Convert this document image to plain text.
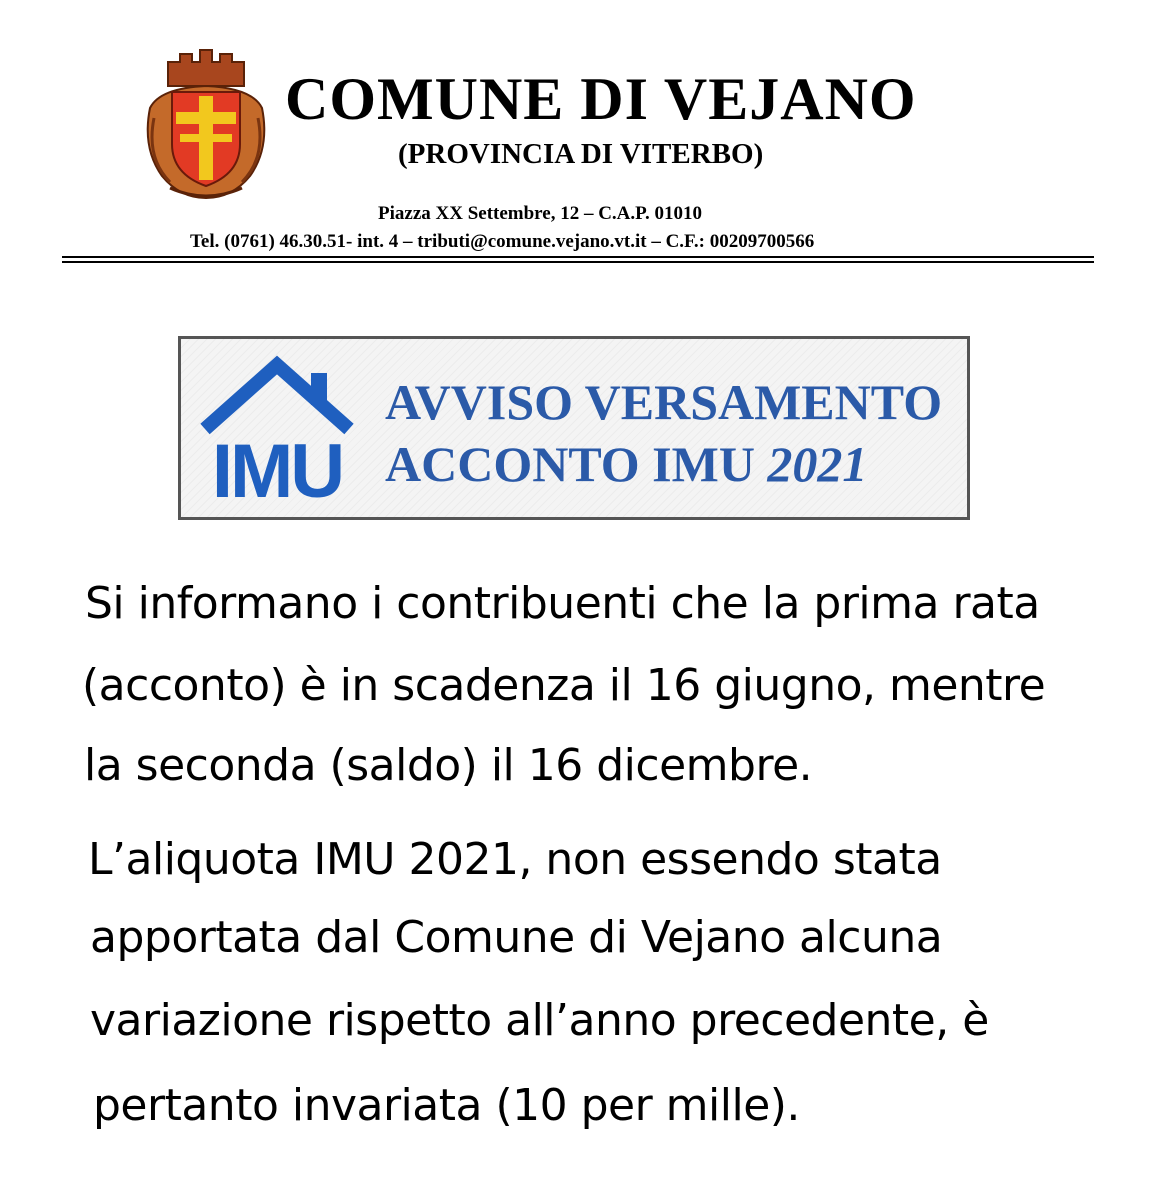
COMUNE DI VEJANO
(PROVINCIA DI VITERBO)
Piazza XX Settembre, 12 – C.A.P. 01010
Tel. (0761) 46.30.51- int. 4 – tributi@comune.vejano.vt.it – C.F.: 00209700566
IMU
AVVISO VERSAMENTO
ACCONTO IMU 2021
Si informano i contribuenti che la prima rata
(acconto) è in scadenza il 16 giugno, mentre
la seconda (saldo) il 16 dicembre.
L’aliquota IMU 2021, non essendo stata
apportata dal Comune di Vejano alcuna
variazione rispetto all’anno precedente, è
pertanto invariata (10 per mille).
